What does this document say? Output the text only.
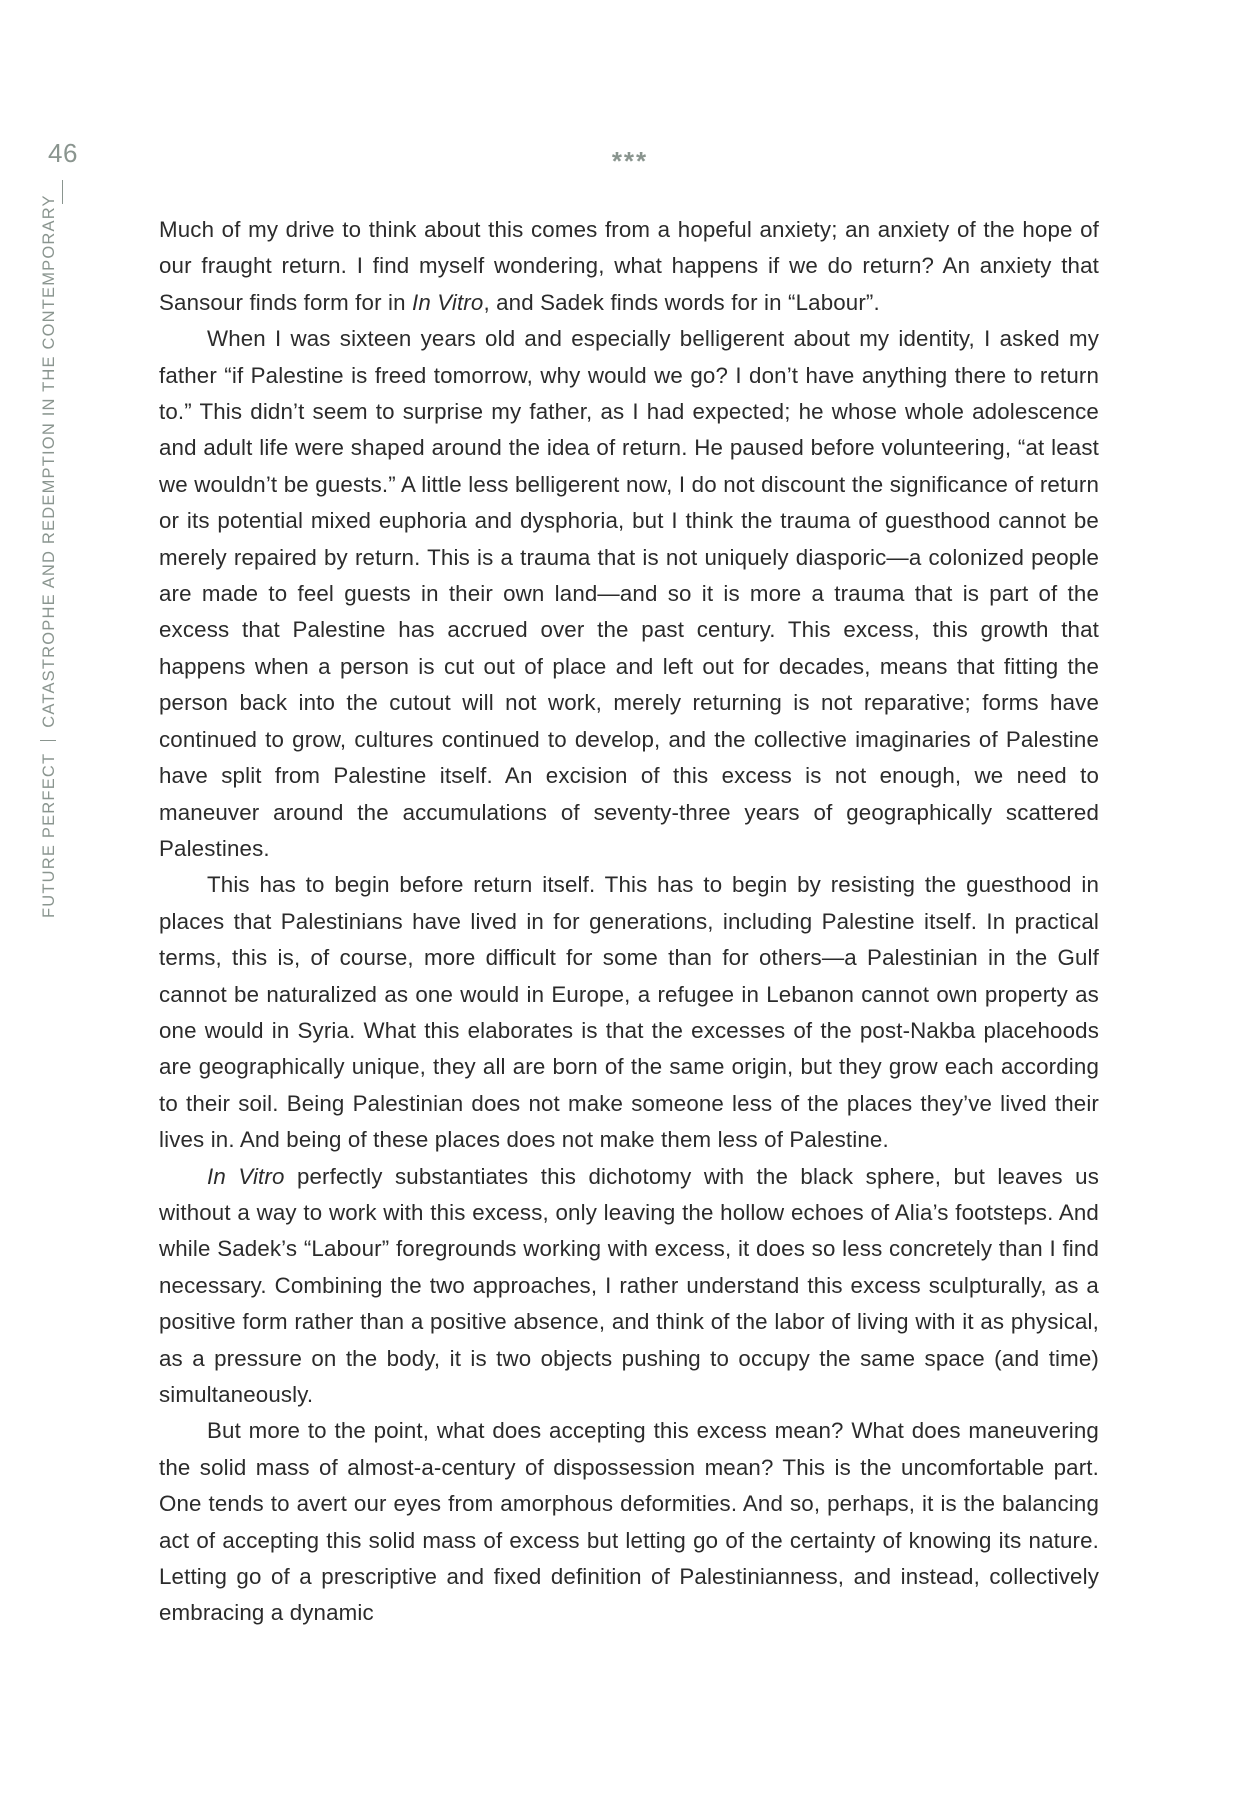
46
FUTURE PERFECTCATASTROPHE AND REDEMPTION IN THE CONTEMPORARY
***

Much of my drive to think about this comes from a hopeful anxiety; an anxiety of the hope of our fraught return. I find myself wondering, what happens if we do return? An anxiety that Sansour finds form for in In Vitro, and Sadek finds words for in “Labour”.

When I was sixteen years old and especially belligerent about my identity, I asked my father “if Palestine is freed tomorrow, why would we go? I don’t have anything there to return to.” This didn’t seem to surprise my father, as I had expected; he whose whole adolescence and adult life were shaped around the idea of return. He paused before volunteering, “at least we wouldn’t be guests.” A little less belligerent now, I do not discount the significance of return or its potential mixed euphoria and dysphoria, but I think the trauma of guesthood cannot be merely repaired by return. This is a trauma that is not uniquely diasporic—a colonized people are made to feel guests in their own land—and so it is more a trauma that is part of the excess that Palestine has accrued over the past century. This excess, this growth that happens when a person is cut out of place and left out for decades, means that fitting the person back into the cutout will not work, merely returning is not reparative; forms have continued to grow, cultures continued to develop, and the collective imaginaries of Palestine have split from Palestine itself. An excision of this excess is not enough, we need to maneuver around the accumulations of seventy-three years of geographically scattered Palestines.

This has to begin before return itself. This has to begin by resisting the guesthood in places that Palestinians have lived in for generations, including Palestine itself. In practical terms, this is, of course, more difficult for some than for others—a Palestinian in the Gulf cannot be naturalized as one would in Europe, a refugee in Lebanon cannot own property as one would in Syria. What this elaborates is that the excesses of the post-Nakba placehoods are geographically unique, they all are born of the same origin, but they grow each according to their soil. Being Palestinian does not make someone less of the places they’ve lived their lives in. And being of these places does not make them less of Palestine.

In Vitro perfectly substantiates this dichotomy with the black sphere, but leaves us without a way to work with this excess, only leaving the hollow echoes of Alia’s footsteps. And while Sadek’s “Labour” foregrounds working with excess, it does so less concretely than I find necessary. Combining the two approaches, I rather understand this excess sculpturally, as a positive form rather than a positive absence, and think of the labor of living with it as physical, as a pressure on the body, it is two objects pushing to occupy the same space (and time) simultaneously.

But more to the point, what does accepting this excess mean? What does maneuvering the solid mass of almost-a-century of dispossession mean? This is the uncomfortable part. One tends to avert our eyes from amorphous deformities. And so, perhaps, it is the balancing act of accepting this solid mass of excess but letting go of the certainty of knowing its nature. Letting go of a prescriptive and fixed definition of Palestinianness, and instead, collectively embracing a dynamic
